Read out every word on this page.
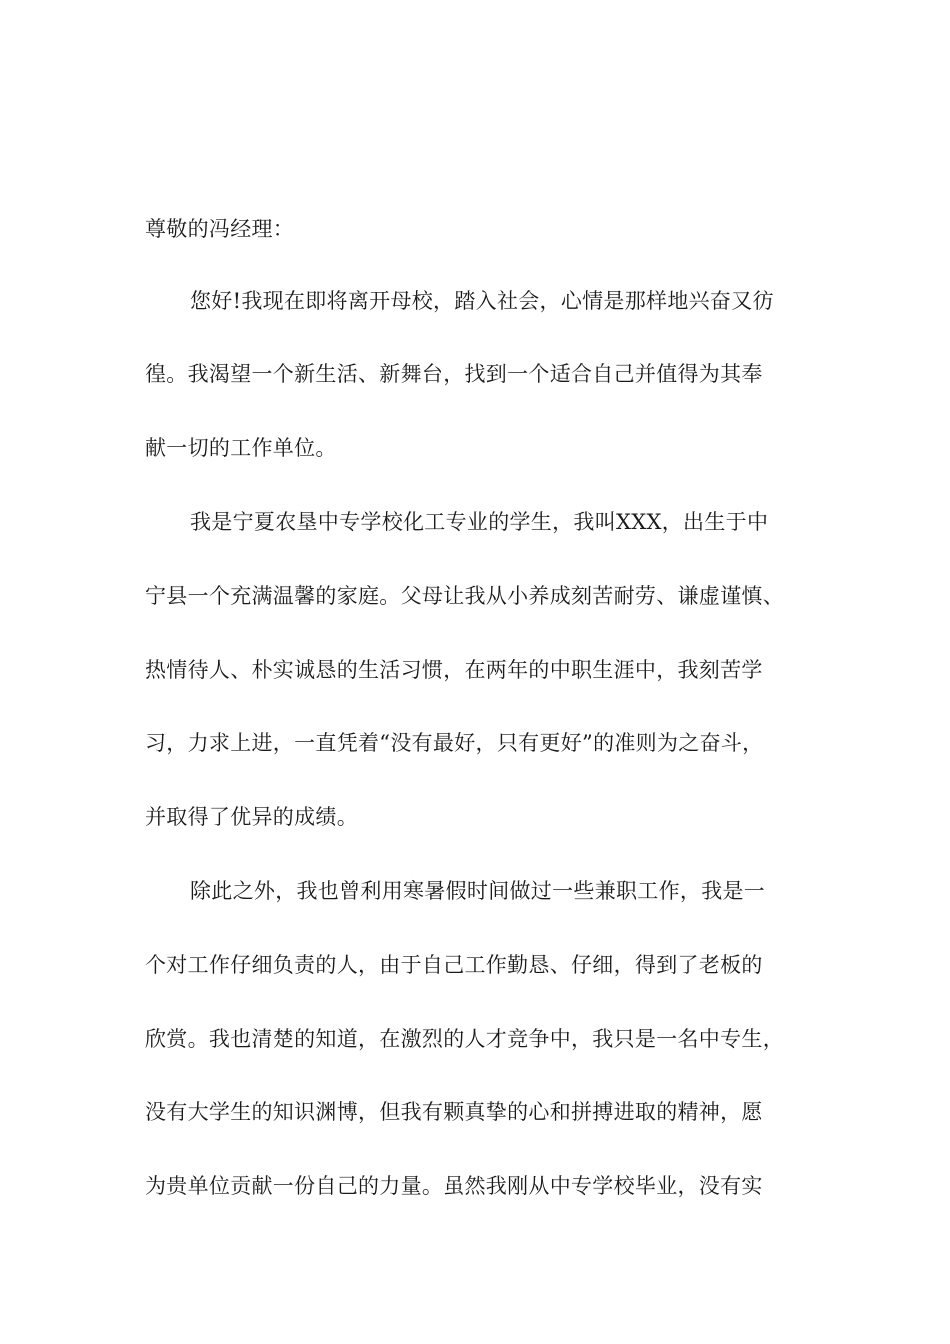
尊敬的冯经理：
您好!我现在即将离开母校，踏入社会，心情是那样地兴奋又彷
徨。我渴望一个新生活、新舞台，找到一个适合自己并值得为其奉
献一切的工作单位。
我是宁夏农垦中专学校化工专业的学生，我叫XXX，出生于中
宁县一个充满温馨的家庭。父母让我从小养成刻苦耐劳、谦虚谨慎、
热情待人、朴实诚恳的生活习惯，在两年的中职生涯中，我刻苦学
习，力求上进，一直凭着“没有最好，只有更好”的准则为之奋斗，
并取得了优异的成绩。
除此之外，我也曾利用寒暑假时间做过一些兼职工作，我是一
个对工作仔细负责的人，由于自己工作勤恳、仔细，得到了老板的
欣赏。我也清楚的知道，在激烈的人才竞争中，我只是一名中专生，
没有大学生的知识渊博，但我有颗真挚的心和拼搏进取的精神，愿
为贵单位贡献一份自己的力量。虽然我刚从中专学校毕业，没有实
